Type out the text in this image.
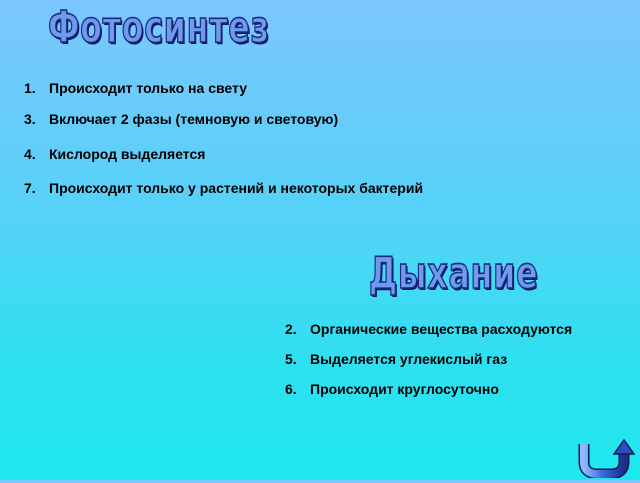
Фотосинтез
1. Происходит только на свету
3. Включает 2 фазы (темновую и световую)
4. Кислород выделяется
7. Происходит только у растений и некоторых бактерий
Дыхание
2. Органические вещества расходуются
5. Выделяется углекислый газ
6. Происходит круглосуточно
